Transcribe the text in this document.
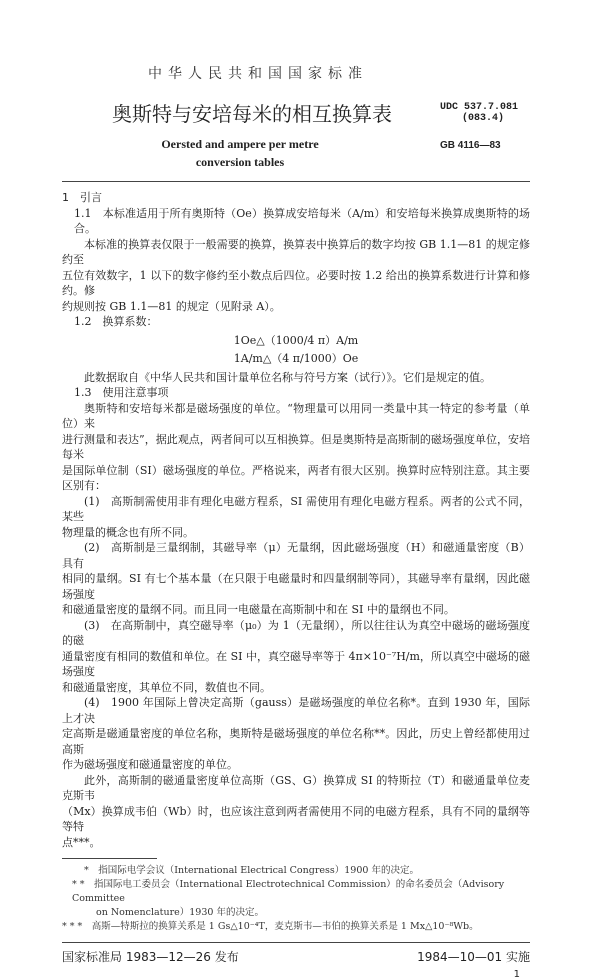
中华人民共和国国家标准
奥斯特与安培每米的相互换算表	UDC 537.7.081
(083.4)
GB 4116—83
Oersted and ampere per metre
conversion tables
1　引言
1.1　本标准适用于所有奥斯特（Oe）换算成安培每米（A/m）和安培每米换算成奥斯特的场合。
本标准的换算表仅限于一般需要的换算，换算表中换算后的数字均按 GB 1.1—81 的规定修约至
五位有效数字，1 以下的数字修约至小数点后四位。必要时按 1.2 给出的换算系数进行计算和修约。修
约规则按 GB 1.1—81 的规定（见附录 A）。
1.2　换算系数：
1Oe△（1000/4 π）A/m
1A/m△（4 π/1000）Oe
此数据取自《中华人民共和国计量单位名称与符号方案（试行）》。它们是规定的值。
1.3　使用注意事项
奥斯特和安培每米都是磁场强度的单位。“物理量可以用同一类量中其一特定的参考量（单位）来
进行测量和表达”，据此观点，两者间可以互相换算。但是奥斯特是高斯制的磁场强度单位，安培每米
是国际单位制（SI）磁场强度的单位。严格说来，两者有很大区别。换算时应特别注意。其主要区别有：
(1)　高斯制需使用非有理化电磁方程系，SI 需使用有理化电磁方程系。两者的公式不同，某些
物理量的概念也有所不同。
(2)　高斯制是三量纲制，其磁导率（μ）无量纲，因此磁场强度（H）和磁通量密度（B）具有
相同的量纲。SI 有七个基本量（在只限于电磁量时和四量纲制等同），其磁导率有量纲，因此磁场强度
和磁通量密度的量纲不同。而且同一电磁量在高斯制中和在 SI 中的量纲也不同。
(3)　在高斯制中，真空磁导率（μ₀）为 1（无量纲），所以往往认为真空中磁场的磁场强度的磁
通量密度有相同的数值和单位。在 SI 中，真空磁导率等于 4π×10⁻⁷H/m，所以真空中磁场的磁场强度
和磁通量密度，其单位不同，数值也不同。
(4)　1900 年国际上曾决定高斯（gauss）是磁场强度的单位名称*。直到 1930 年，国际上才决
定高斯是磁通量密度的单位名称，奥斯特是磁场强度的单位名称**。因此，历史上曾经都使用过高斯
作为磁场强度和磁通量密度的单位。
此外，高斯制的磁通量密度单位高斯（GS、G）换算成 SI 的特斯拉（T）和磁通量单位麦克斯韦
（Mx）换算成韦伯（Wb）时，也应该注意到两者需使用不同的电磁方程系，具有不同的量纲等等特
点***。
*　指国际电学会议（International Electrical Congress）1900 年的决定。
* *　指国际电工委员会（International Electrotechnical Commission）的命名委员会（Advisory Committee
on Nomenclature）1930 年的决定。
* * *　高斯—特斯拉的换算关系是 1 Gs△10⁻⁴T，麦克斯韦—韦伯的换算关系是 1 Mx△10⁻⁸Wb。
国家标准局 1983—12—26 发布	1984—10—01 实施
1
